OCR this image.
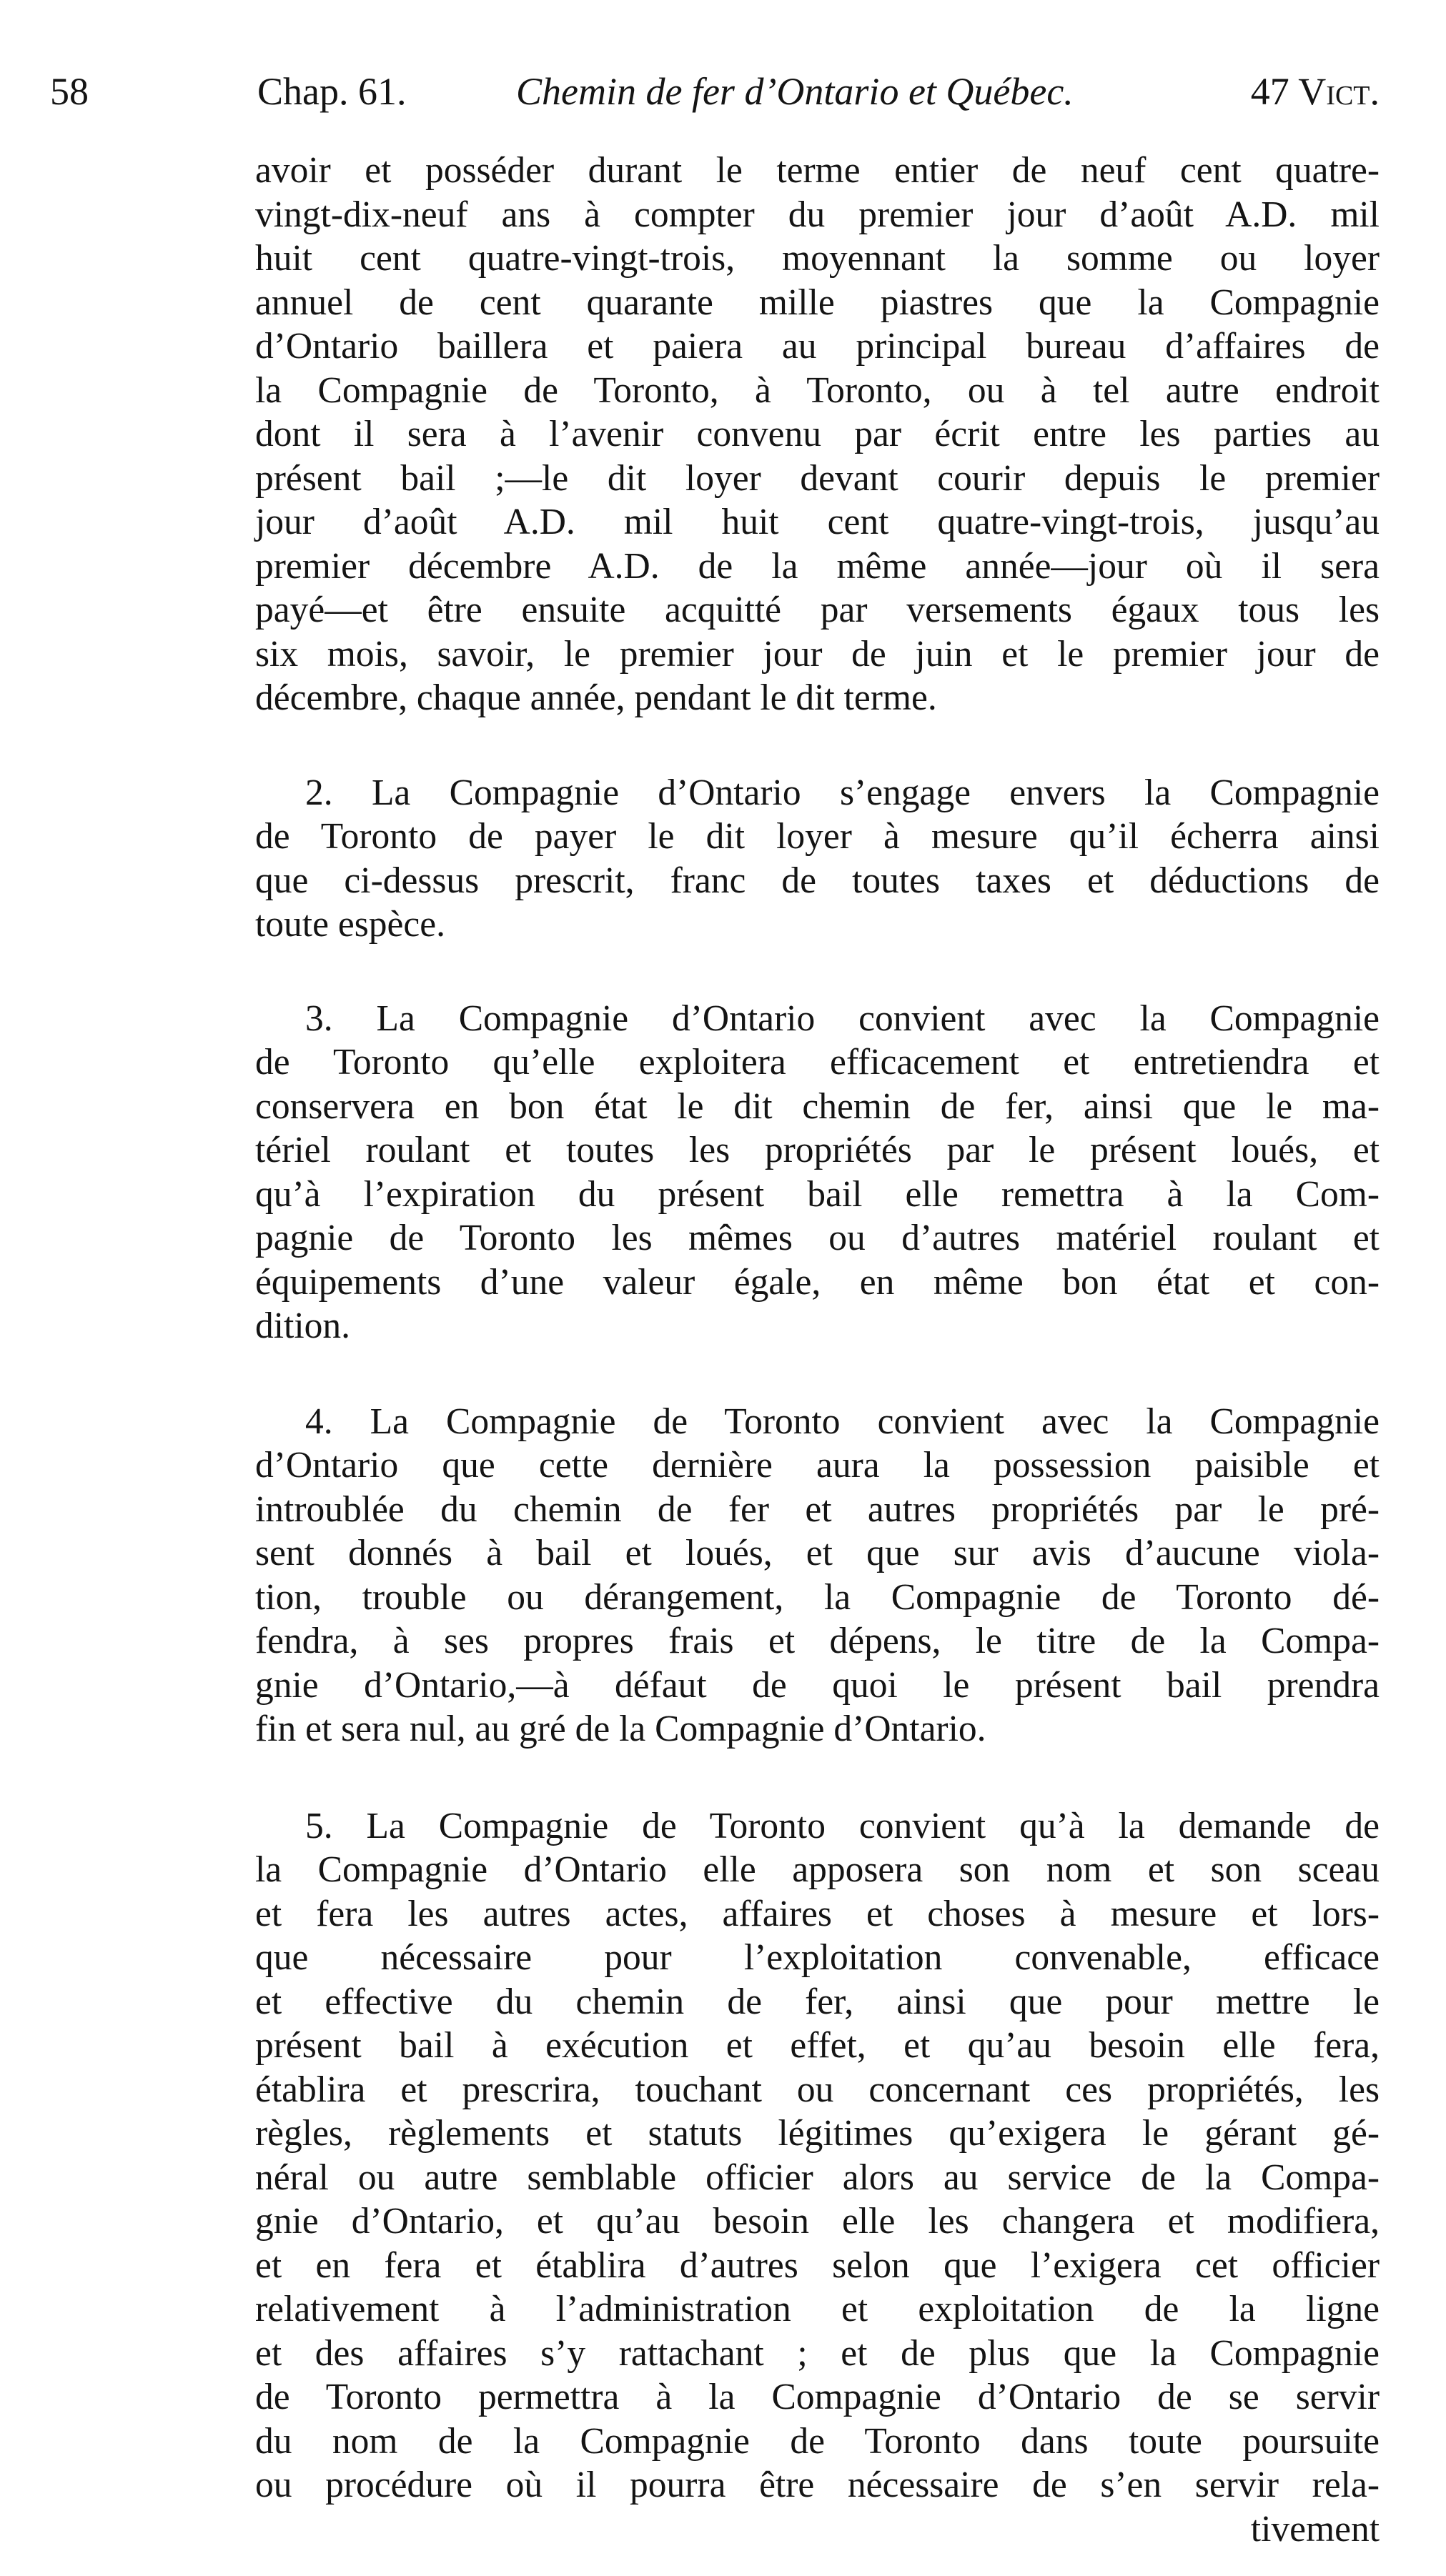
58	Chap. 61.	Chemin de fer d’Ontario et Québec.	47 Vict.

avoir et posséder durant le terme entier de neuf cent quatre-
vingt-dix-neuf ans à compter du premier jour d’août A.D. mil
huit cent quatre-vingt-trois, moyennant la somme ou loyer
annuel de cent quarante mille piastres que la Compagnie
d’Ontario baillera et paiera au principal bureau d’affaires de
la Compagnie de Toronto, à Toronto, ou à tel autre endroit
dont il sera à l’avenir convenu par écrit entre les parties au
présent bail ;—le dit loyer devant courir depuis le premier
jour d’août A.D. mil huit cent quatre-vingt-trois, jusqu’au
premier décembre A.D. de la même année—jour où il sera
payé—et être ensuite acquitté par versements égaux tous les
six mois, savoir, le premier jour de juin et le premier jour de
décembre, chaque année, pendant le dit terme.

2. La Compagnie d’Ontario s’engage envers la Compagnie
de Toronto de payer le dit loyer à mesure qu’il écherra ainsi
que ci-dessus prescrit, franc de toutes taxes et déductions de
toute espèce.

3. La Compagnie d’Ontario convient avec la Compagnie
de Toronto qu’elle exploitera efficacement et entretiendra et
conservera en bon état le dit chemin de fer, ainsi que le ma-
tériel roulant et toutes les propriétés par le présent loués, et
qu’à l’expiration du présent bail elle remettra à la Com-
pagnie de Toronto les mêmes ou d’autres matériel roulant et
équipements d’une valeur égale, en même bon état et con-
dition.

4. La Compagnie de Toronto convient avec la Compagnie
d’Ontario que cette dernière aura la possession paisible et
introublée du chemin de fer et autres propriétés par le pré-
sent donnés à bail et loués, et que sur avis d’aucune viola-
tion, trouble ou dérangement, la Compagnie de Toronto dé-
fendra, à ses propres frais et dépens, le titre de la Compa-
gnie d’Ontario,—à défaut de quoi le présent bail prendra
fin et sera nul, au gré de la Compagnie d’Ontario.

5. La Compagnie de Toronto convient qu’à la demande de
la Compagnie d’Ontario elle apposera son nom et son sceau
et fera les autres actes, affaires et choses à mesure et lors-
que nécessaire pour l’exploitation convenable, efficace
et effective du chemin de fer, ainsi que pour mettre le
présent bail à exécution et effet, et qu’au besoin elle fera,
établira et prescrira, touchant ou concernant ces propriétés, les
règles, règlements et statuts légitimes qu’exigera le gérant gé-
néral ou autre semblable officier alors au service de la Compa-
gnie d’Ontario, et qu’au besoin elle les changera et modifiera,
et en fera et établira d’autres selon que l’exigera cet officier
relativement à l’administration et exploitation de la ligne
et des affaires s’y rattachant ; et de plus que la Compagnie
de Toronto permettra à la Compagnie d’Ontario de se servir
du nom de la Compagnie de Toronto dans toute poursuite
ou procédure où il pourra être nécessaire de s’en servir rela-
tivement
